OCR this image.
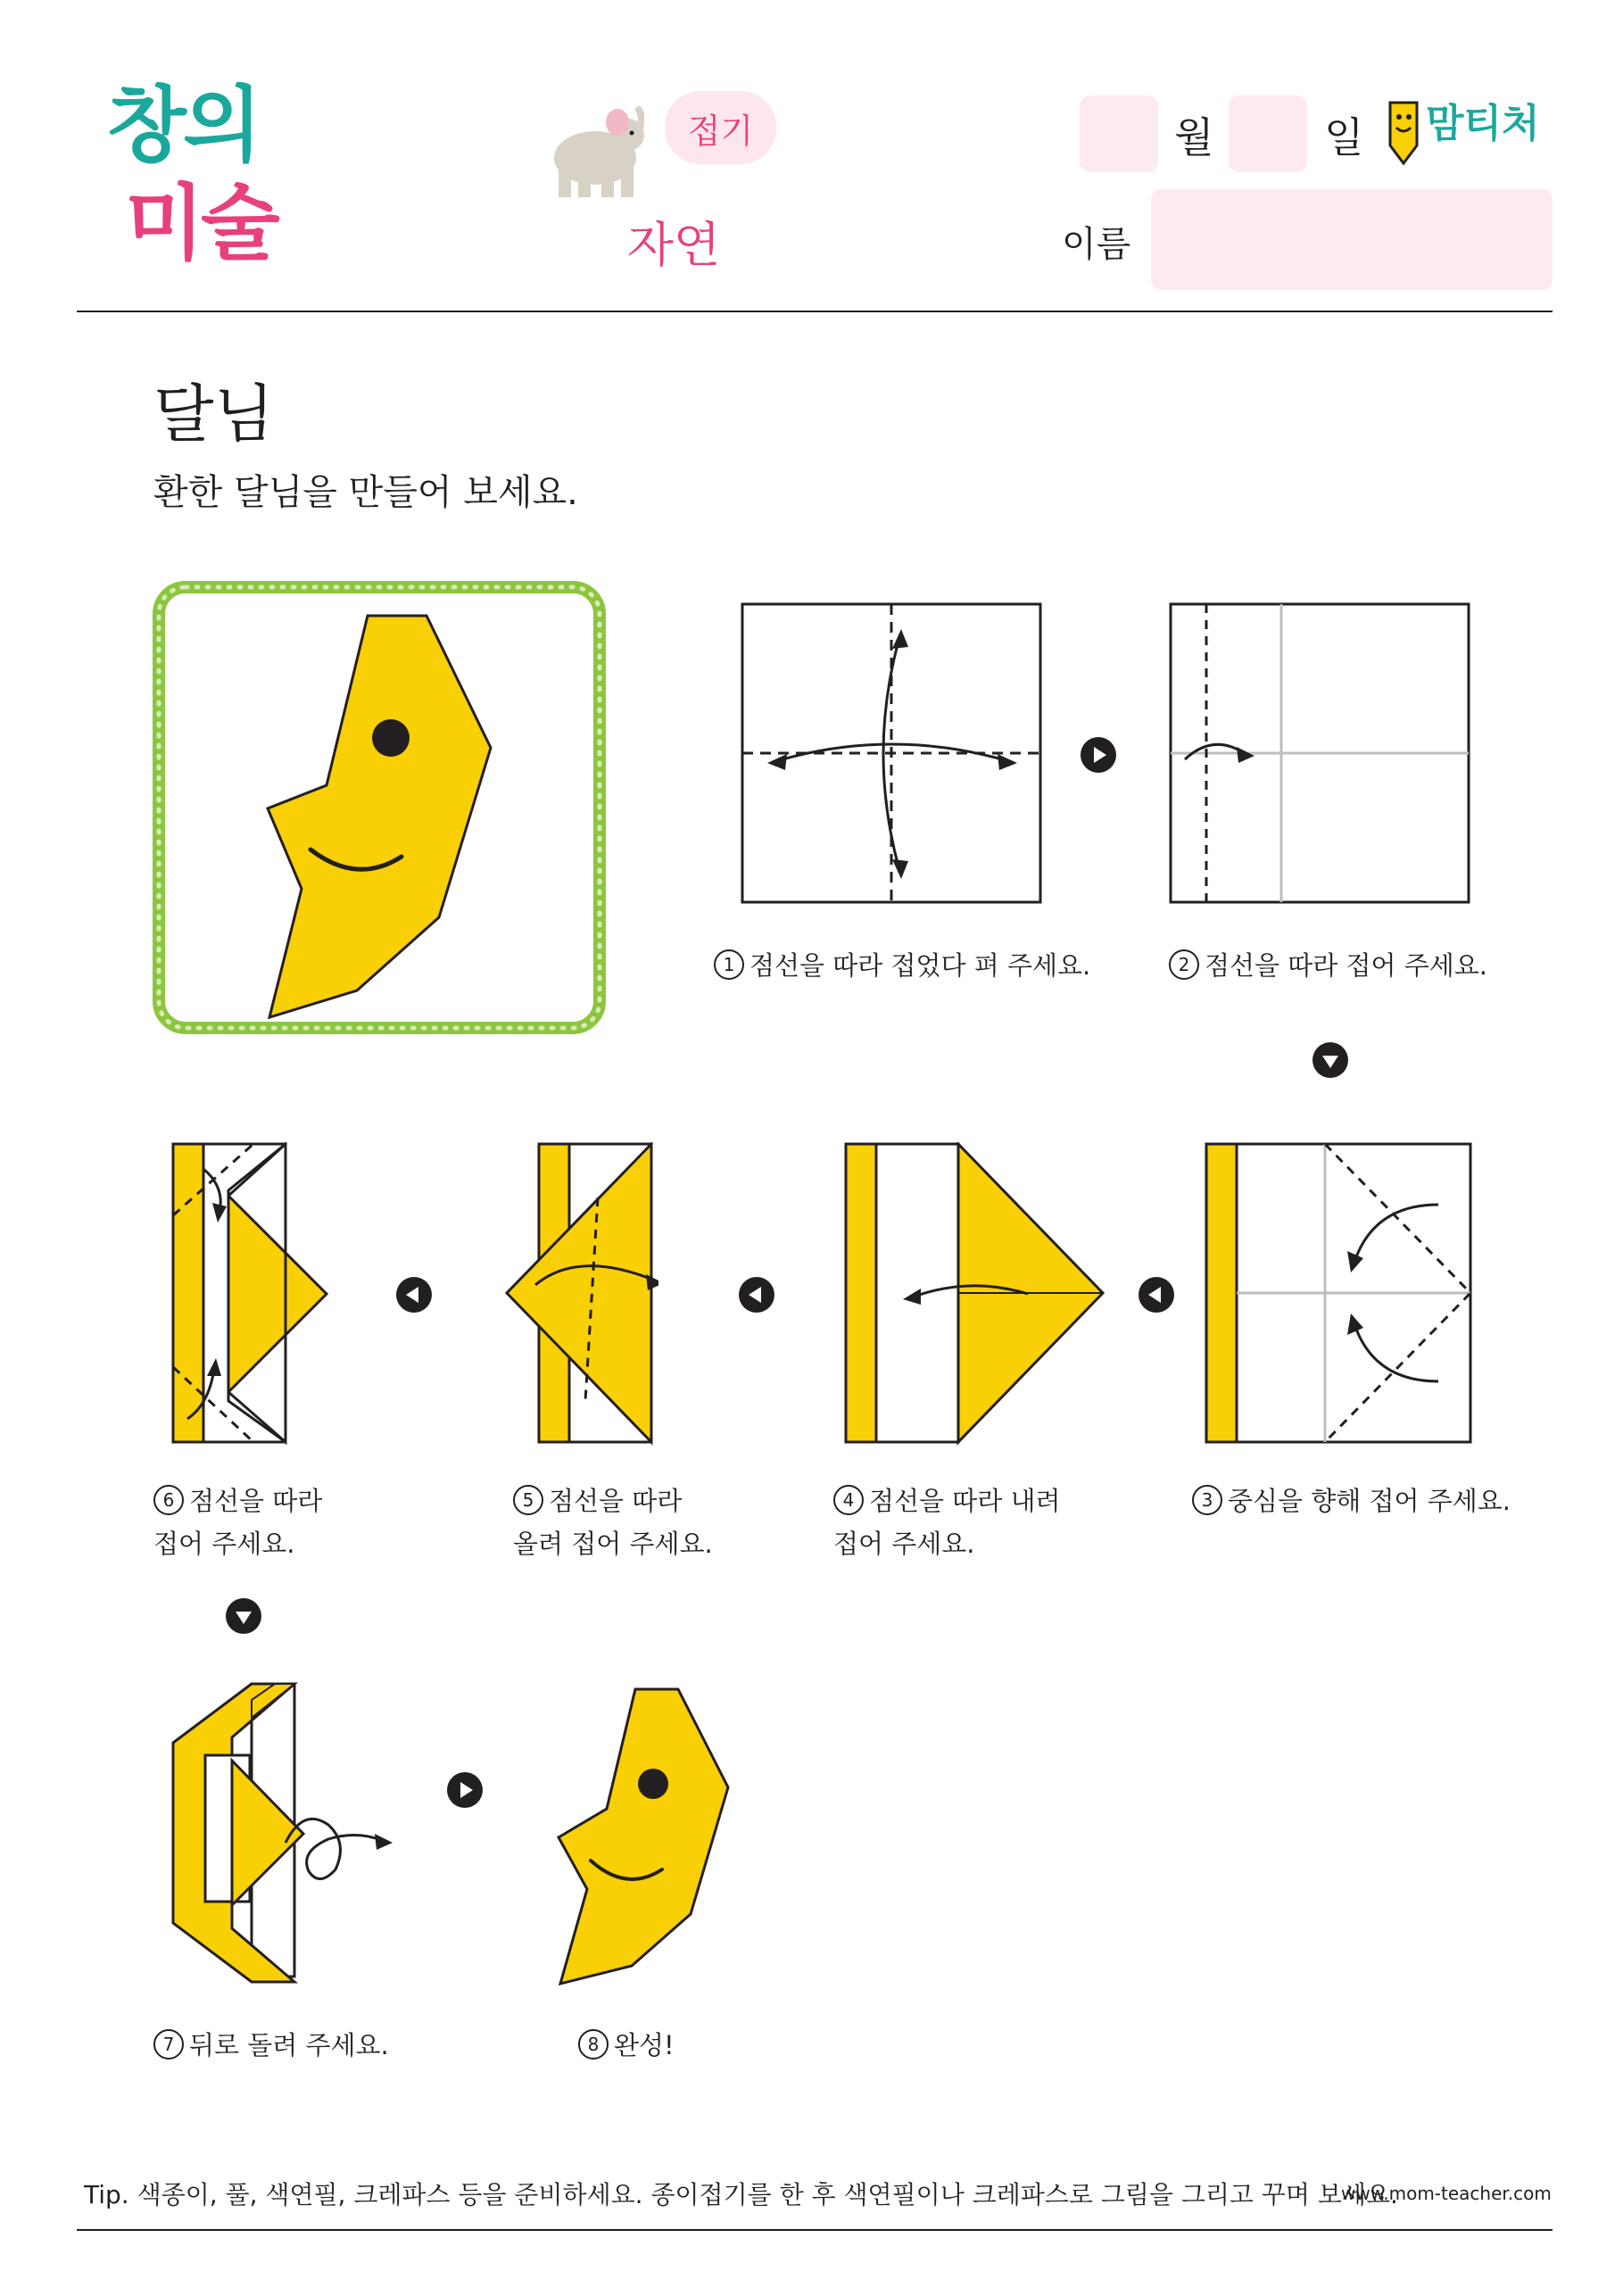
창의
미술
접기
자연
월	일 맘티처
이름
달님
환한 달님을 만들어 보세요.
1 점선을 따라 접었다 펴 주세요.	2 점선을 따라 접어 주세요.
3 중심을 향해 접어 주세요.
4 점선을 따라 내려
접어 주세요.
5 점선을 따라
올려 접어 주세요.
6 점선을 따라
접어 주세요.
7 뒤로 돌려 주세요.	8 완성!
Tip. 색종이, 풀, 색연필, 크레파스 등을 준비하세요. 종이접기를 한 후 색연필이나 크레파스로 그림을 그리고 꾸며 보세요.
www.mom-teacher.com
